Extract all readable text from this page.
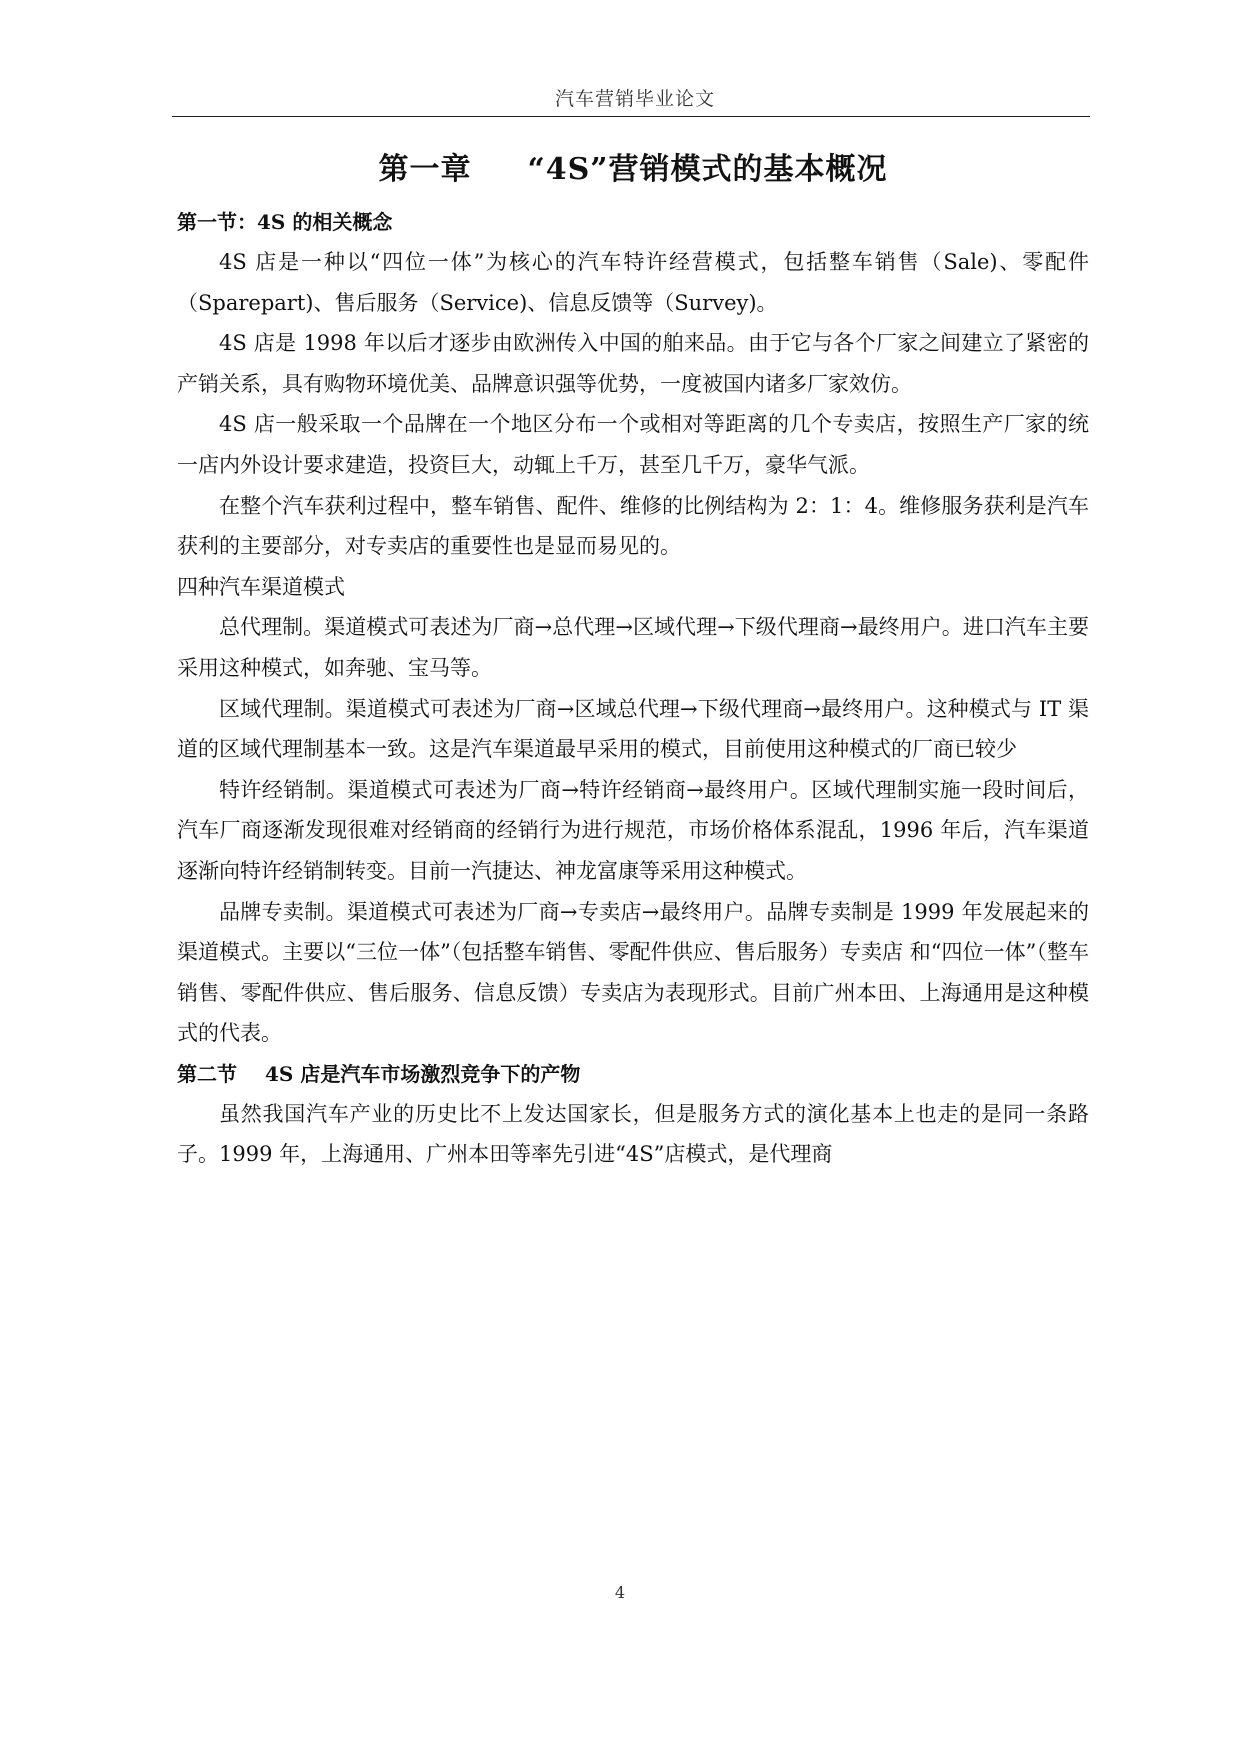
汽车营销毕业论文
第一章 “4S”营销模式的基本概况
第一节：4S 的相关概念

4S 店是一种以“四位一体”为核心的汽车特许经营模式，包括整车销售（Sale)、零配件（Sparepart)、售后服务（Service)、信息反馈等（Survey)。

4S 店是 1998 年以后才逐步由欧洲传入中国的舶来品。由于它与各个厂家之间建立了紧密的产销关系，具有购物环境优美、品牌意识强等优势，一度被国内诸多厂家效仿。

4S 店一般采取一个品牌在一个地区分布一个或相对等距离的几个专卖店，按照生产厂家的统一店内外设计要求建造，投资巨大，动辄上千万，甚至几千万，豪华气派。

在整个汽车获利过程中，整车销售、配件、维修的比例结构为 2：1：4。维修服务获利是汽车获利的主要部分，对专卖店的重要性也是显而易见的。

四种汽车渠道模式

总代理制。渠道模式可表述为厂商→总代理→区域代理→下级代理商→最终用户。进口汽车主要采用这种模式，如奔驰、宝马等。

区域代理制。渠道模式可表述为厂商→区域总代理→下级代理商→最终用户。这种模式与 IT 渠道的区域代理制基本一致。这是汽车渠道最早采用的模式，目前使用这种模式的厂商已较少

特许经销制。渠道模式可表述为厂商→特许经销商→最终用户。区域代理制实施一段时间后，汽车厂商逐渐发现很难对经销商的经销行为进行规范，市场价格体系混乱，1996 年后，汽车渠道逐渐向特许经销制转变。目前一汽捷达、神龙富康等采用这种模式。

品牌专卖制。渠道模式可表述为厂商→专卖店→最终用户。品牌专卖制是 1999 年发展起来的渠道模式。主要以“三位一体”（包括整车销售、零配件供应、售后服务）专卖店 和“四位一体”（整车销售、零配件供应、售后服务、信息反馈）专卖店为表现形式。目前广州本田、上海通用是这种模式的代表。

第二节 4S 店是汽车市场激烈竞争下的产物

虽然我国汽车产业的历史比不上发达国家长，但是服务方式的演化基本上也走的是同一条路子。1999 年，上海通用、广州本田等率先引进“4S”店模式，是代理商

4
